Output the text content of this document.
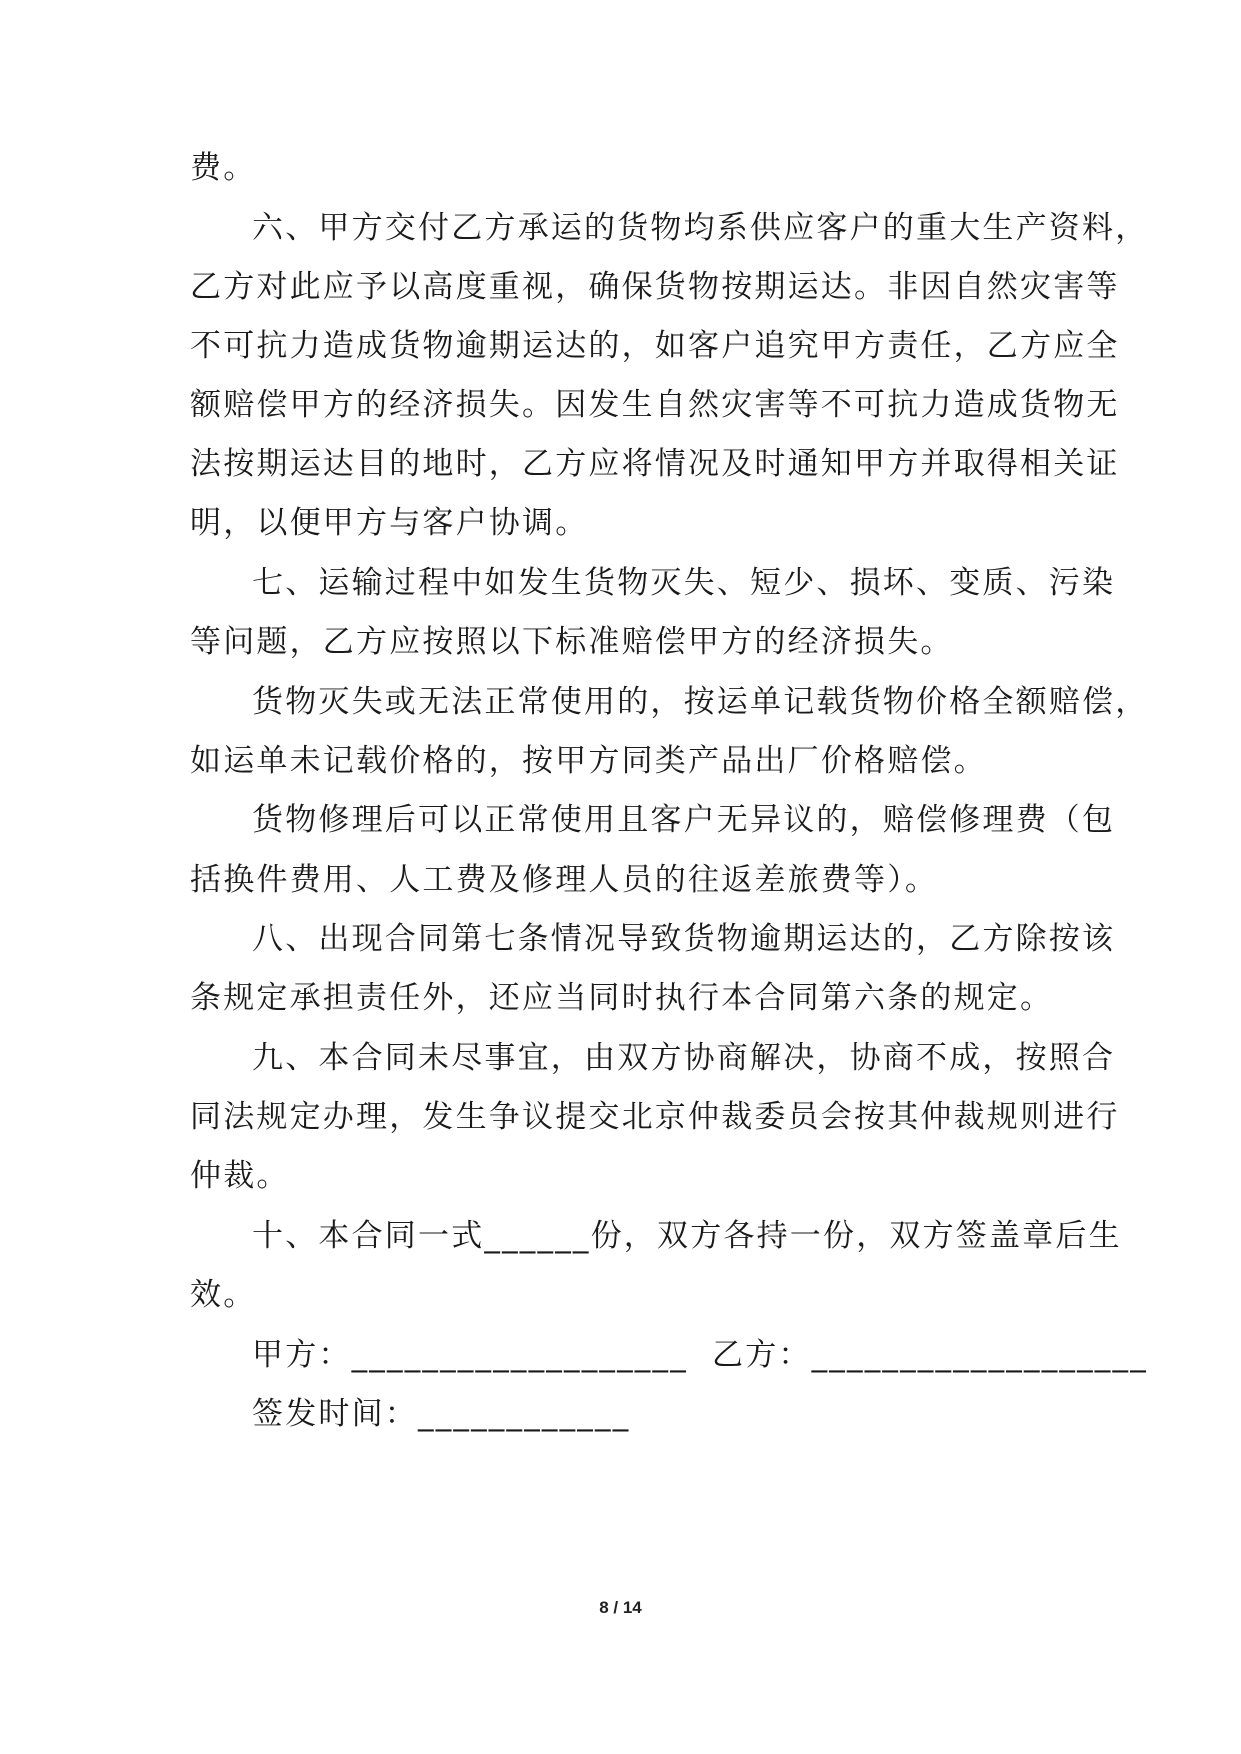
费。
六、甲方交付乙方承运的货物均系供应客户的重大生产资料，
乙方对此应予以高度重视，确保货物按期运达。非因自然灾害等
不可抗力造成货物逾期运达的，如客户追究甲方责任，乙方应全
额赔偿甲方的经济损失。因发生自然灾害等不可抗力造成货物无
法按期运达目的地时，乙方应将情况及时通知甲方并取得相关证
明，以便甲方与客户协调。
七、运输过程中如发生货物灭失、短少、损坏、变质、污染
等问题，乙方应按照以下标准赔偿甲方的经济损失。
货物灭失或无法正常使用的，按运单记载货物价格全额赔偿，
如运单未记载价格的，按甲方同类产品出厂价格赔偿。
货物修理后可以正常使用且客户无异议的，赔偿修理费（包
括换件费用、人工费及修理人员的往返差旅费等）。
八、出现合同第七条情况导致货物逾期运达的，乙方除按该
条规定承担责任外，还应当同时执行本合同第六条的规定。
九、本合同未尽事宜，由双方协商解决，协商不成，按照合
同法规定办理，发生争议提交北京仲裁委员会按其仲裁规则进行
仲裁。
十、本合同一式______份，双方各持一份，双方签盖章后生
效。
甲方：___________________  乙方：___________________
签发时间：____________
8 / 14
